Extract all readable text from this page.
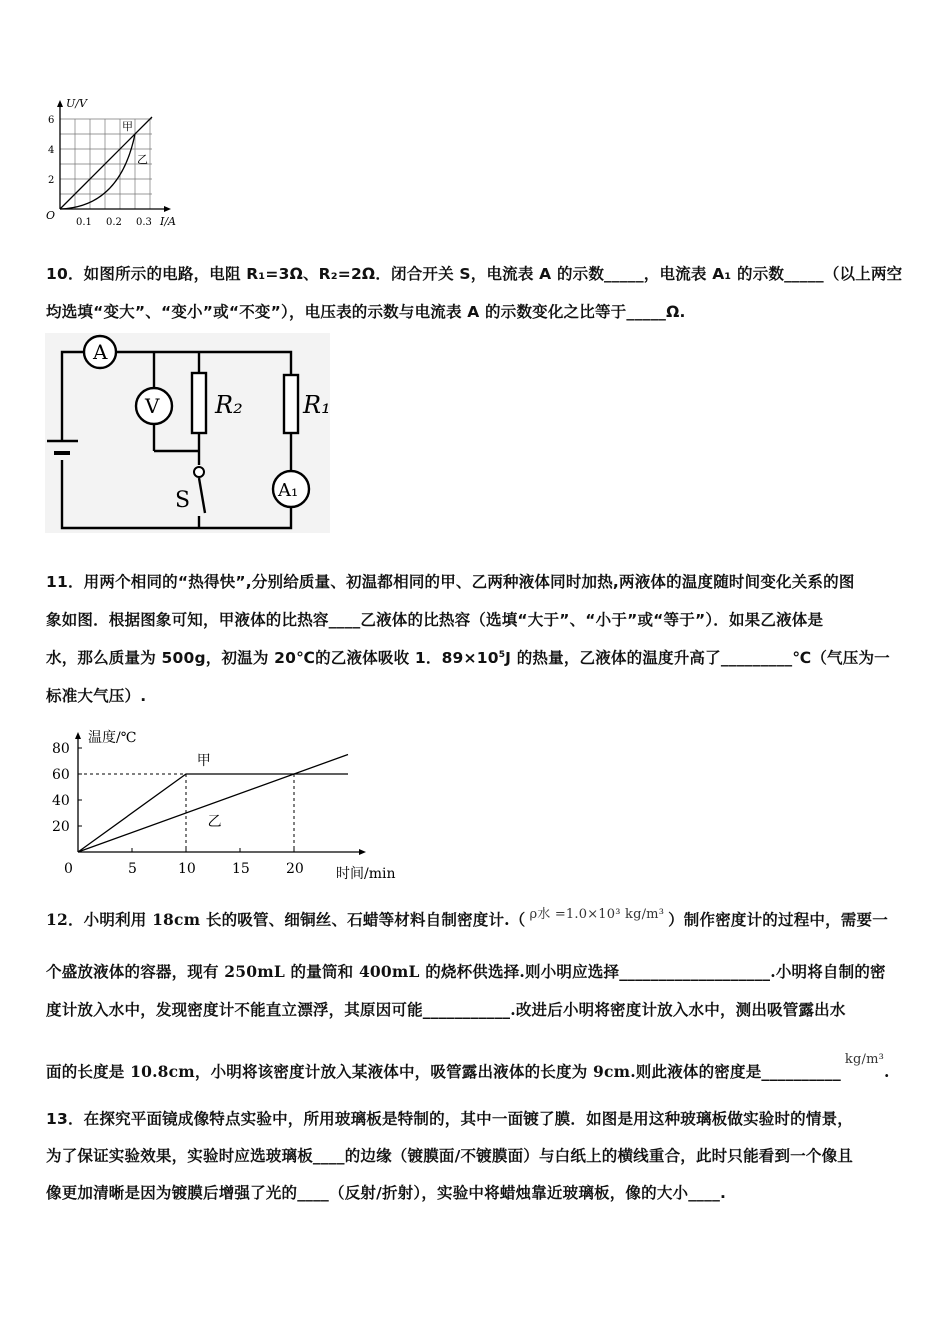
U/V
6
4
2
O
0.1 0.2 0.3 I/A
甲
乙
10．如图所示的电路，电阻 R₁=3Ω、R₂=2Ω．闭合开关 S，电流表 A 的示数_____，电流表 A₁ 的示数_____（以上两空
均选填“变大”、“变小”或“不变”），电压表的示数与电流表 A 的示数变化之比等于_____Ω.
A
V R₂	R₁
S	A₁
11．用两个相同的“热得快”,分别给质量、初温都相同的甲、乙两种液体同时加热,两液体的温度随时间变化关系的图
象如图．根据图象可知，甲液体的比热容____乙液体的比热容（选填“大于”、“小于”或“等于”）．如果乙液体是
水，那么质量为 500g，初温为 20℃的乙液体吸收 1．$89\times 10^5J$ 的热量，乙液体的温度升高了_________℃（气压为一
标准大气压）.
80
60
40
20
0	5	10	15	20
甲
乙
温度/℃
时间/min
12．小明利用 18cm 长的吸管、细铜丝、石蜡等材料自制密度计.（ $^{\rho 水 =1.0\times 10^3 kg/m^3}$ ）制作密度计的过程中，需要一
个盛放液体的容器，现有 250mL 的量筒和 400mL 的烧杯供选择.则小明应选择___________________.小明将自制的密
度计放入水中，发现密度计不能直立漂浮，其原因可能___________.改进后小明将密度计放入水中，测出吸管露出水
面的长度是 10.8cm，小明将该密度计放入某液体中，吸管露出液体的长度为 9cm.则此液体的密度是__________$^{kg/m^3}$.
13．在探究平面镜成像特点实验中，所用玻璃板是特制的，其中一面镀了膜．如图是用这种玻璃板做实验时的情景，
为了保证实验效果，实验时应选玻璃板____的边缘（镀膜面/不镀膜面）与白纸上的横线重合，此时只能看到一个像且
像更加清晰是因为镀膜后增强了光的____（反射/折射），实验中将蜡烛靠近玻璃板，像的大小____.
